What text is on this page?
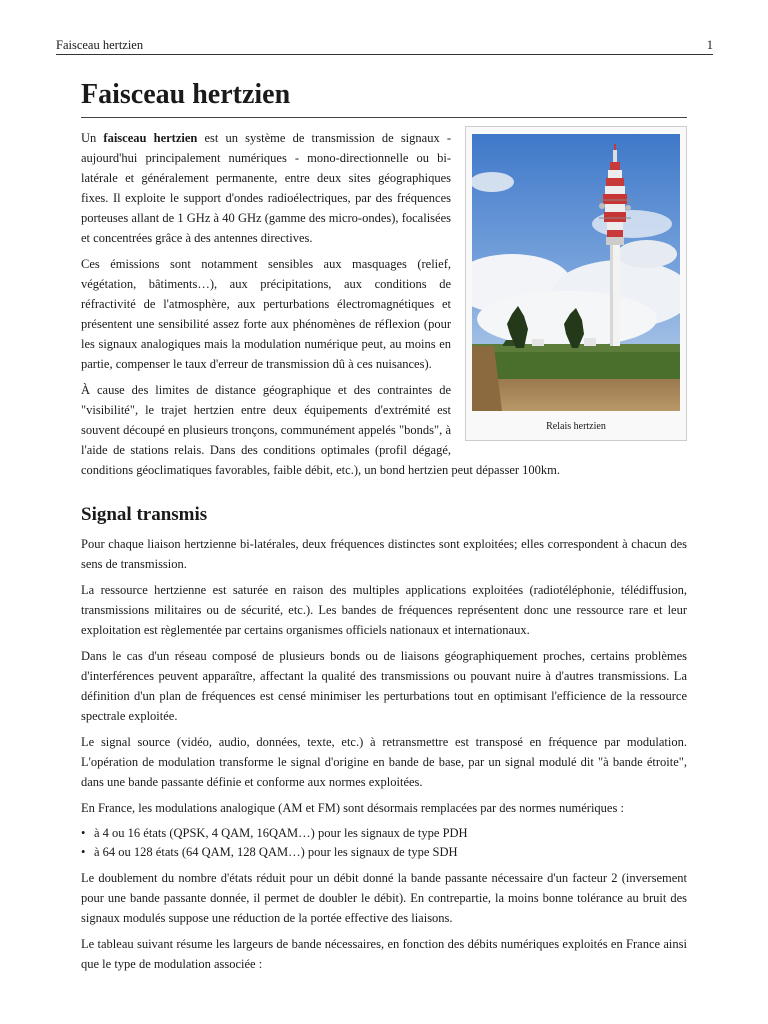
Faisceau hertzien	1
Faisceau hertzien
Relais hertzien

Un faisceau hertzien est un système de transmission de signaux - aujourd'hui principalement numériques - mono-directionnelle ou bi-latérale et généralement permanente, entre deux sites géographiques fixes. Il exploite le support d'ondes radioélectriques, par des fréquences porteuses allant de 1 GHz à 40 GHz (gamme des micro-ondes), focalisées et concentrées grâce à des antennes directives.

Ces émissions sont notamment sensibles aux masquages (relief, végétation, bâtiments…), aux précipitations, aux conditions de réfractivité de l'atmosphère, aux perturbations électromagnétiques et présentent une sensibilité assez forte aux phénomènes de réflexion (pour les signaux analogiques mais la modulation numérique peut, au moins en partie, compenser le taux d'erreur de transmission dû à ces nuisances).

À cause des limites de distance géographique et des contraintes de "visibilité", le trajet hertzien entre deux équipements d'extrémité est souvent découpé en plusieurs tronçons, communément appelés "bonds", à l'aide de stations relais. Dans des conditions optimales (profil dégagé, conditions géoclimatiques favorables, faible débit, etc.), un bond hertzien peut dépasser 100km.

Signal transmis

Pour chaque liaison hertzienne bi-latérales, deux fréquences distinctes sont exploitées; elles correspondent à chacun des sens de transmission.

La ressource hertzienne est saturée en raison des multiples applications exploitées (radiotéléphonie, télédiffusion, transmissions militaires ou de sécurité, etc.). Les bandes de fréquences représentent donc une ressource rare et leur exploitation est règlementée par certains organismes officiels nationaux et internationaux.

Dans le cas d'un réseau composé de plusieurs bonds ou de liaisons géographiquement proches, certains problèmes d'interférences peuvent apparaître, affectant la qualité des transmissions ou pouvant nuire à d'autres transmissions. La définition d'un plan de fréquences est censé minimiser les perturbations tout en optimisant l'efficience de la ressource spectrale exploitée.

Le signal source (vidéo, audio, données, texte, etc.) à retransmettre est transposé en fréquence par modulation. L'opération de modulation transforme le signal d'origine en bande de base, par un signal modulé dit "à bande étroite", dans une bande passante définie et conforme aux normes exploitées.

En France, les modulations analogique (AM et FM) sont désormais remplacées par des normes numériques :

• à 4 ou 16 états (QPSK, 4 QAM, 16QAM…) pour les signaux de type PDH
• à 64 ou 128 états (64 QAM, 128 QAM…) pour les signaux de type SDH

Le doublement du nombre d'états réduit pour un débit donné la bande passante nécessaire d'un facteur 2 (inversement pour une bande passante donnée, il permet de doubler le débit). En contrepartie, la moins bonne tolérance au bruit des signaux modulés suppose une réduction de la portée effective des liaisons.

Le tableau suivant résume les largeurs de bande nécessaires, en fonction des débits numériques exploités en France ainsi que le type de modulation associée :
